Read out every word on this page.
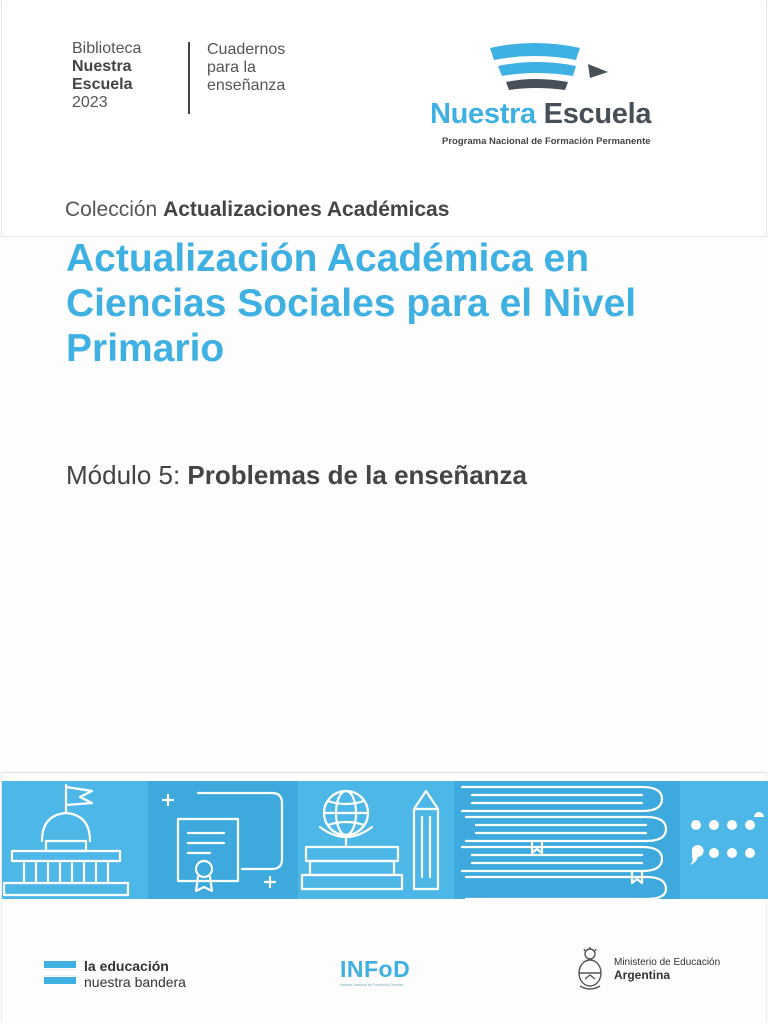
Biblioteca
Nuestra
Escuela
2023
Cuadernos
para la
enseñanza
Nuestra Escuela
Programa Nacional de Formación Permanente
Colección Actualizaciones Académicas
Actualización Académica en Ciencias Sociales para el Nivel Primario
Módulo 5: Problemas de la enseñanza
la educación
nuestra bandera	INFoD
Instituto Nacional de Formación Docente
Ministerio de Educación
Argentina
